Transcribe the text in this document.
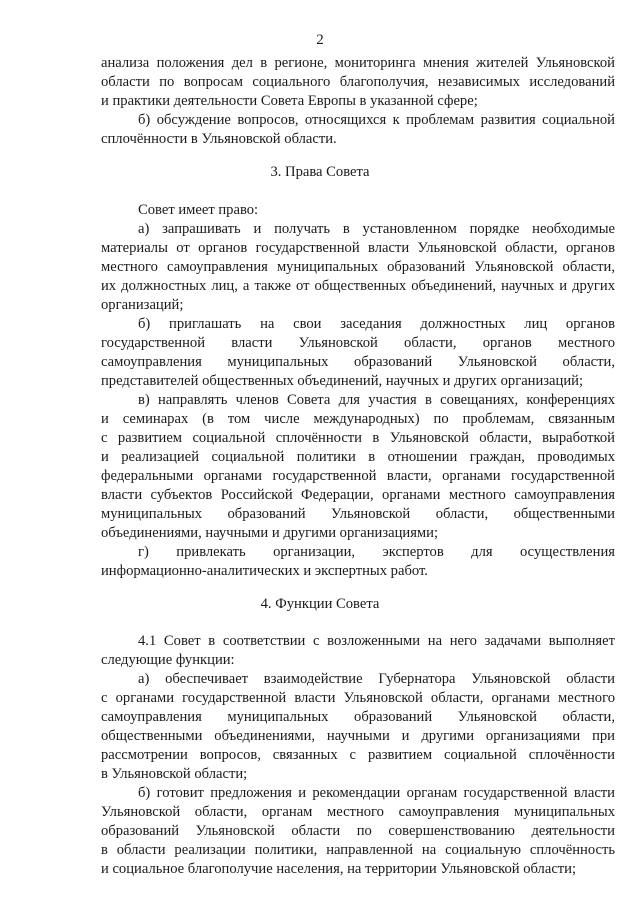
2
анализа положения дел в регионе, мониторинга мнения жителей Ульяновской
области по вопросам социального благополучия, независимых исследований
и практики деятельности Совета Европы в указанной сфере;
б) обсуждение вопросов, относящихся к проблемам развития социальной
сплочённости в Ульяновской области.
3. Права Совета
Совет имеет право:
а) запрашивать и получать в установленном порядке необходимые
материалы от органов государственной власти Ульяновской области, органов
местного самоуправления муниципальных образований Ульяновской области,
их должностных лиц, а также от общественных объединений, научных и других
организаций;
б) приглашать на свои заседания должностных лиц органов
государственной власти Ульяновской области, органов местного
самоуправления муниципальных образований Ульяновской области,
представителей общественных объединений, научных и других организаций;
в) направлять членов Совета для участия в совещаниях, конференциях
и семинарах (в том числе международных) по проблемам, связанным
с развитием социальной сплочённости в Ульяновской области, выработкой
и реализацией социальной политики в отношении граждан, проводимых
федеральными органами государственной власти, органами государственной
власти субъектов Российской Федерации, органами местного самоуправления
муниципальных образований Ульяновской области, общественными
объединениями, научными и другими организациями;
г) привлекать организации, экспертов для осуществления
информационно-аналитических и экспертных работ.
4. Функции Совета
4.1 Совет в соответствии с возложенными на него задачами выполняет
следующие функции:
а) обеспечивает взаимодействие Губернатора Ульяновской области
с органами государственной власти Ульяновской области, органами местного
самоуправления муниципальных образований Ульяновской области,
общественными объединениями, научными и другими организациями при
рассмотрении вопросов, связанных с развитием социальной сплочённости
в Ульяновской области;
б) готовит предложения и рекомендации органам государственной власти
Ульяновской области, органам местного самоуправления муниципальных
образований Ульяновской области по совершенствованию деятельности
в области реализации политики, направленной на социальную сплочённость
и социальное благополучие населения, на территории Ульяновской области;
